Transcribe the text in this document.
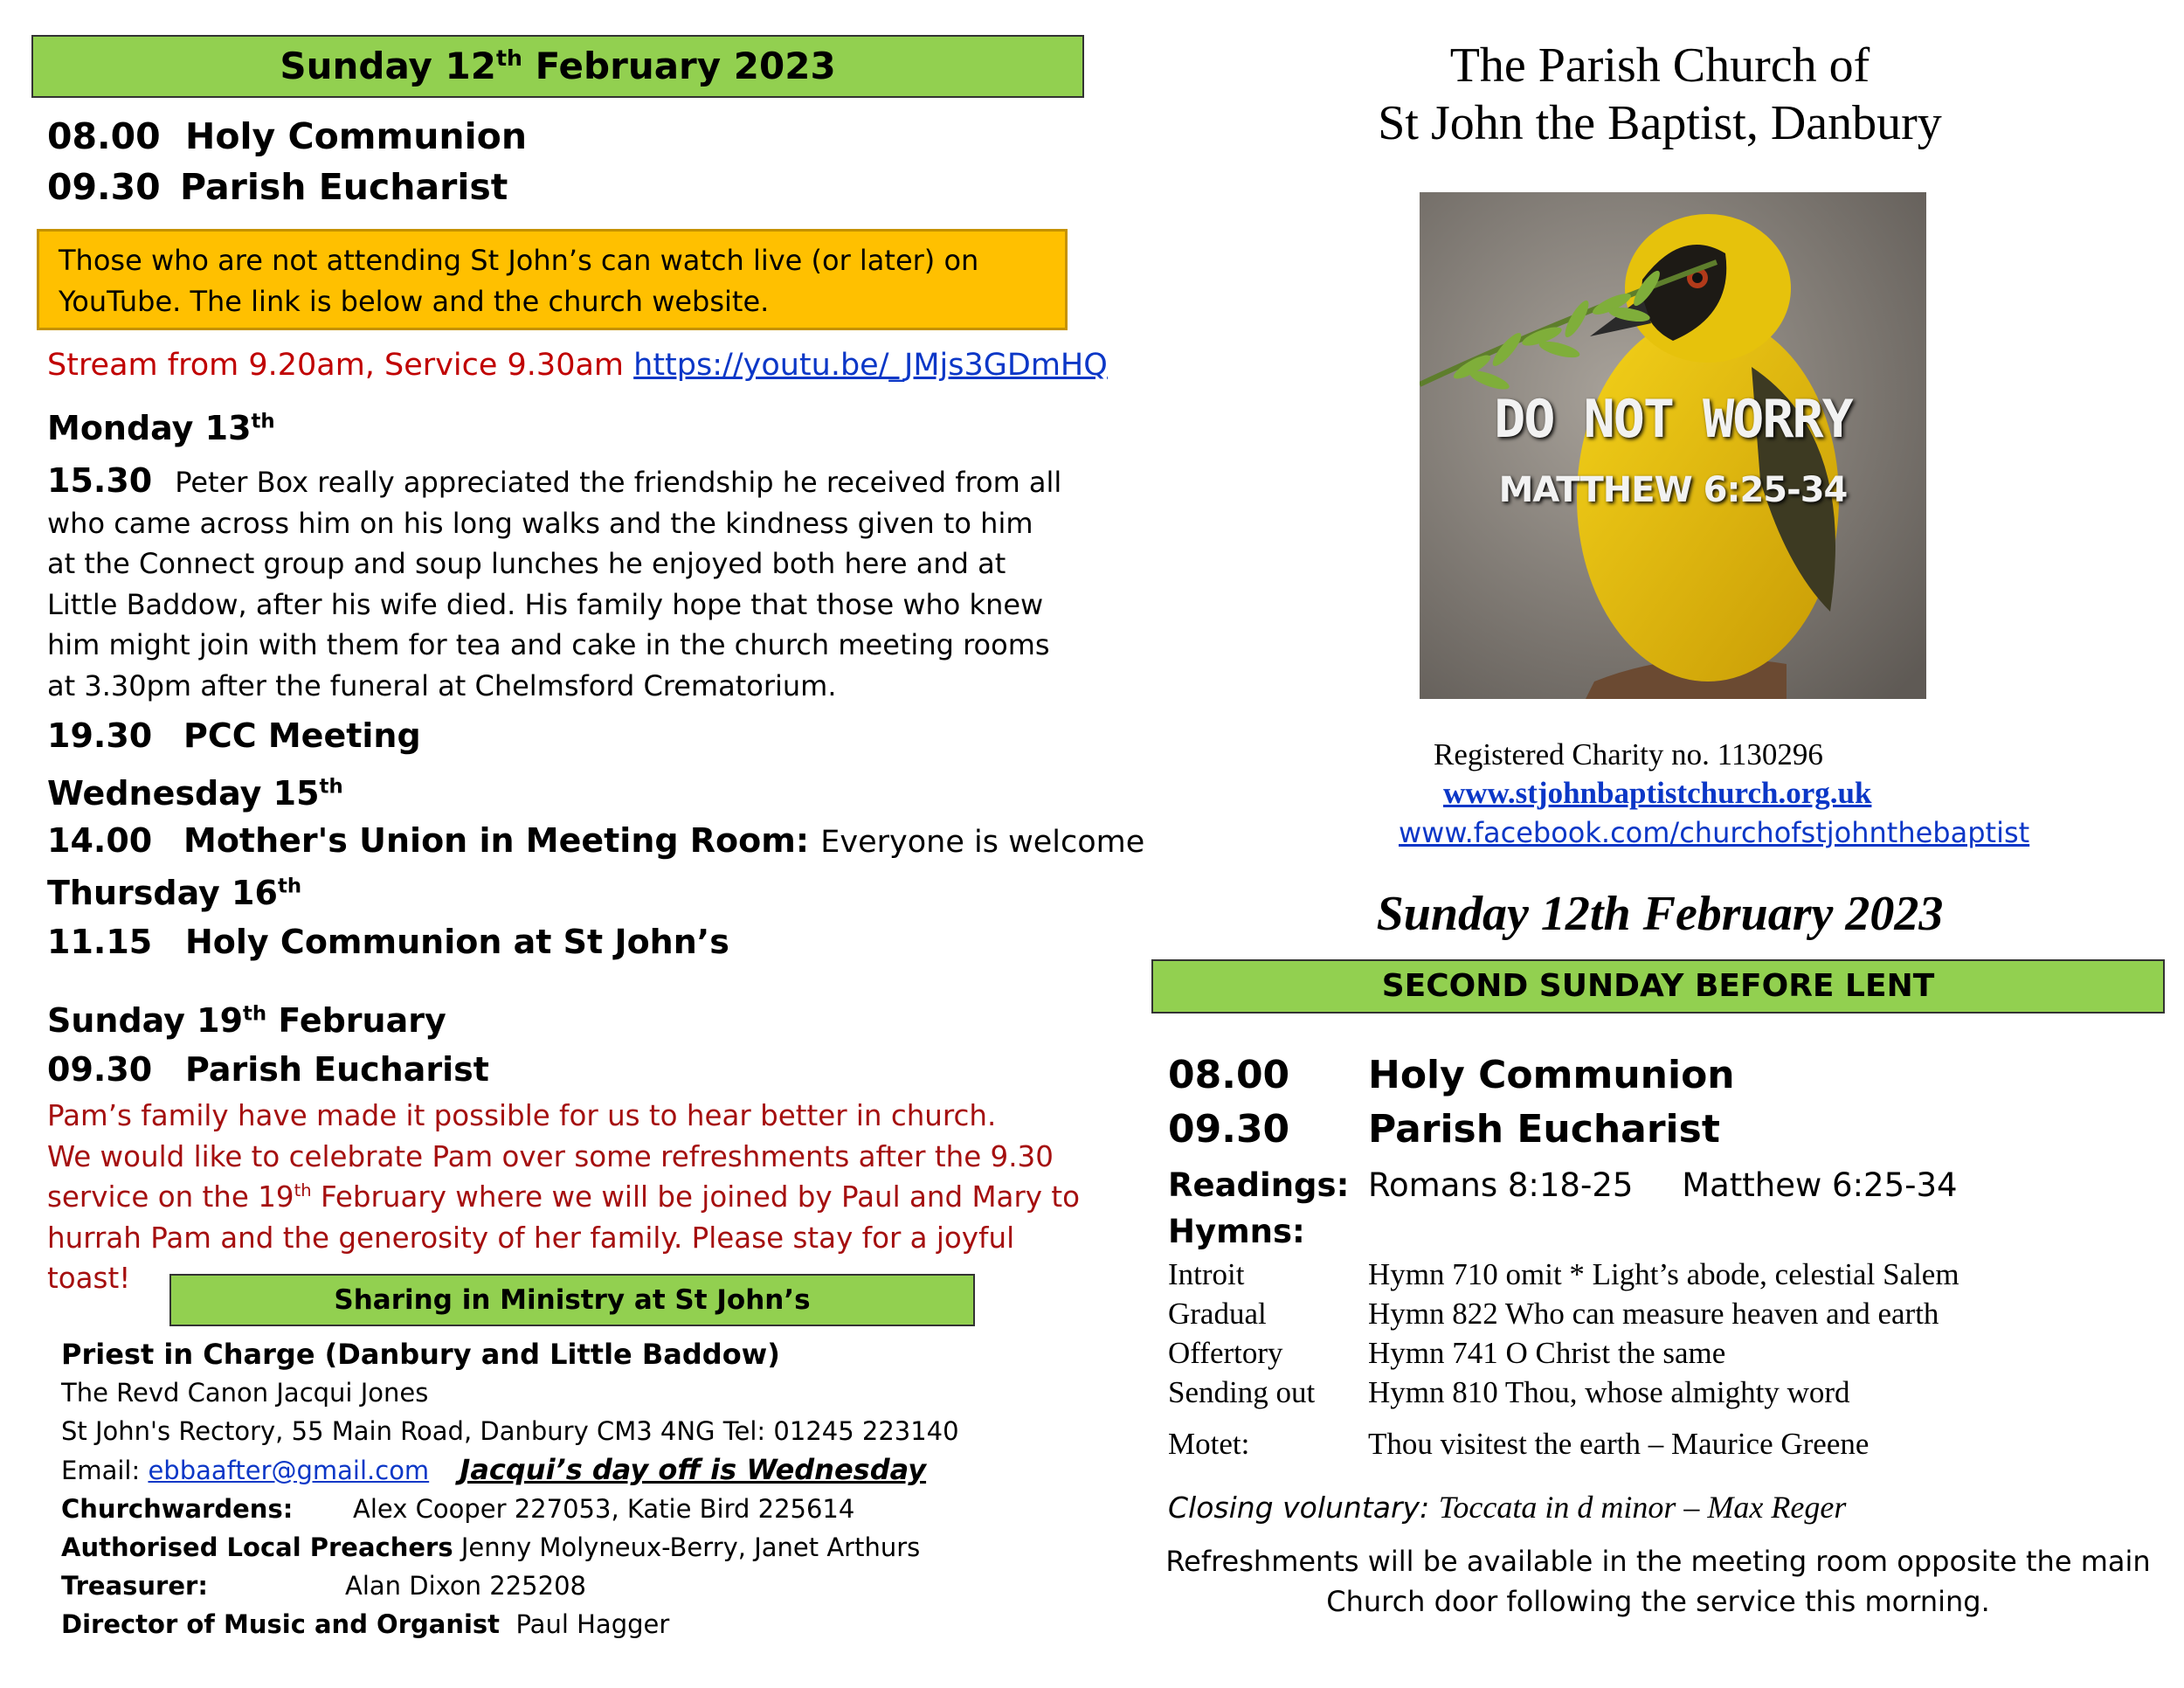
Sunday 12th February 2023
08.00 Holy Communion
09.30 Parish Eucharist
Those who are not attending St John’s can watch live (or later) on YouTube. The link is below and the church website.
Stream from 9.20am, Service 9.30am https://youtu.be/_JMjs3GDmHQ
Monday 13th
15.30 Peter Box really appreciated the friendship he received from all who came across him on his long walks and the kindness given to him at the Connect group and soup lunches he enjoyed both here and at Little Baddow, after his wife died. His family hope that those who knew him might join with them for tea and cake in the church meeting rooms at 3.30pm after the funeral at Chelmsford Crematorium.
19.30 PCC Meeting
Wednesday 15th
14.00 Mother's Union in Meeting Room: Everyone is welcome
Thursday 16th
11.15 Holy Communion at St John’s
Sunday 19th February
09.30 Parish Eucharist
Pam’s family have made it possible for us to hear better in church.
We would like to celebrate Pam over some refreshments after the 9.30
service on the 19th February where we will be joined by Paul and Mary to
hurrah Pam and the generosity of her family. Please stay for a joyful toast!
Sharing in Ministry at St John’s
Priest in Charge (Danbury and Little Baddow)
The Revd Canon Jacqui Jones
St John's Rectory, 55 Main Road, Danbury CM3 4NG Tel: 01245 223140
Email: ebbaafter@gmail.com Jacqui’s day off is Wednesday
Churchwardens: Alex Cooper 227053, Katie Bird 225614
Authorised Local Preachers Jenny Molyneux-Berry, Janet Arthurs
Treasurer:	Alan Dixon 225208
Director of Music and Organist Paul Hagger
The Parish Church of
St John the Baptist, Danbury
DO NOT WORRY
MATTHEW 6:25-34
Registered Charity no. 1130296
www.stjohnbaptistchurch.org.uk
www.facebook.com/churchofstjohnthebaptist
Sunday 12th February 2023
SECOND SUNDAY BEFORE LENT
08.00 Holy Communion
09.30 Parish Eucharist
Readings: Romans 8:18-25 Matthew 6:25-34
Hymns:
Introit	Hymn 710 omit * Light’s abode, celestial Salem
Gradual	Hymn 822 Who can measure heaven and earth
Offertory	Hymn 741 O Christ the same
Sending out Hymn 810 Thou, whose almighty word
Motet:	Thou visitest the earth – Maurice Greene
Closing voluntary: Toccata in d minor – Max Reger
Refreshments will be available in the meeting room opposite the main
Church door following the service this morning.
